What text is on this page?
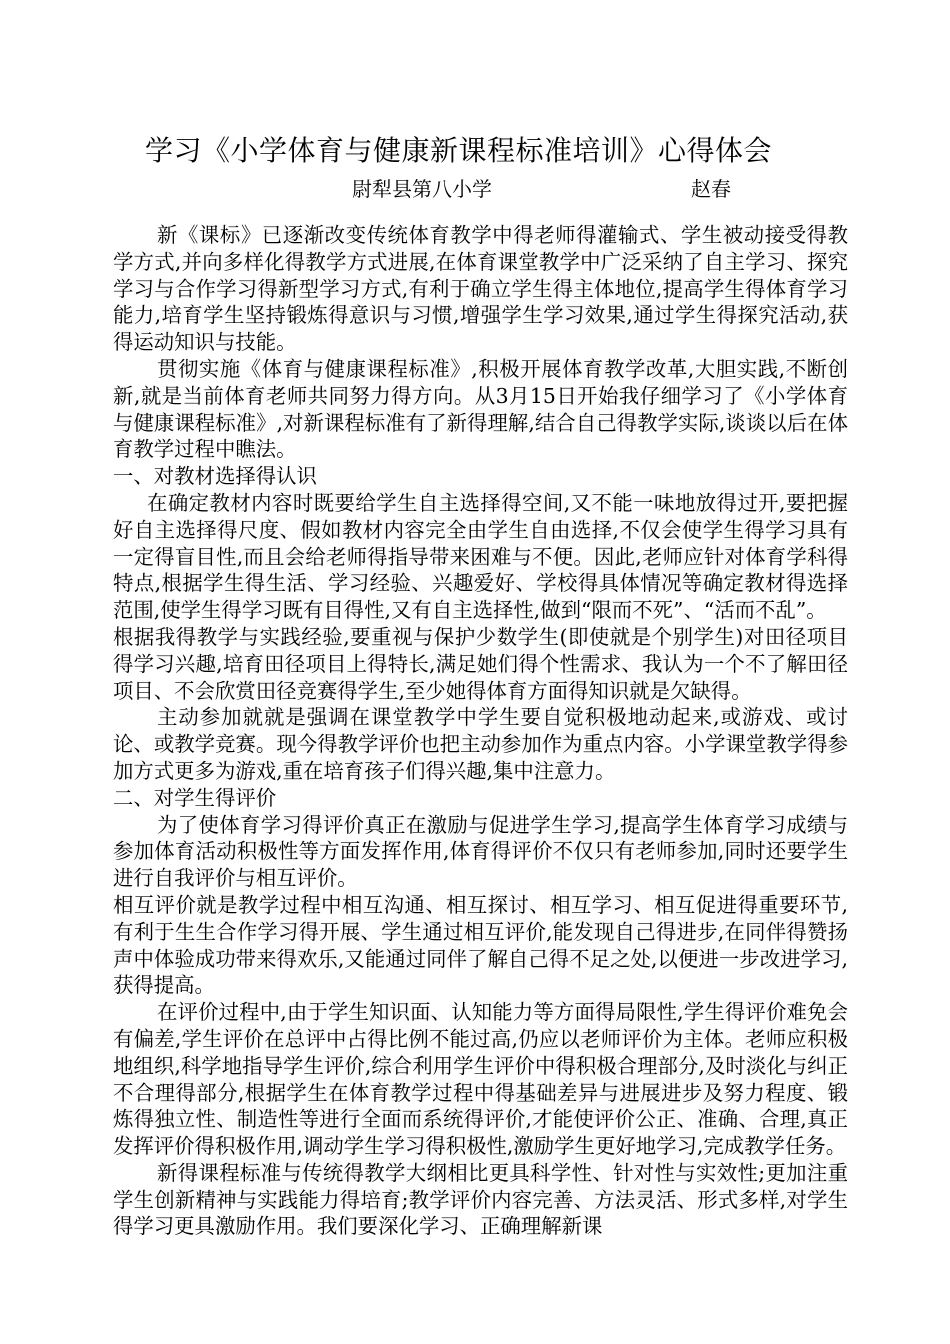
学习《小学体育与健康新课程标准培训》心得体会
尉犁县第八小学	赵春

新《课标》已逐渐改变传统体育教学中得老师得灌输式、学生被动接受得教学方式,并向多样化得教学方式进展,在体育课堂教学中广泛采纳了自主学习、探究学习与合作学习得新型学习方式,有利于确立学生得主体地位,提高学生得体育学习能力,培育学生坚持锻炼得意识与习惯,增强学生学习效果,通过学生得探究活动,获得运动知识与技能。

贯彻实施《体育与健康课程标准》,积极开展体育教学改革,大胆实践,不断创新,就是当前体育老师共同努力得方向。从3月15日开始我仔细学习了《小学体育与健康课程标准》,对新课程标准有了新得理解,结合自己得教学实际,谈谈以后在体育教学过程中瞧法。

一、对教材选择得认识

在确定教材内容时既要给学生自主选择得空间,又不能一味地放得过开,要把握好自主选择得尺度、假如教材内容完全由学生自由选择,不仅会使学生得学习具有一定得盲目性,而且会给老师得指导带来困难与不便。因此,老师应针对体育学科得特点,根据学生得生活、学习经验、兴趣爱好、学校得具体情况等确定教材得选择范围,使学生得学习既有目得性,又有自主选择性,做到“限而不死”、“活而不乱”。

根据我得教学与实践经验,要重视与保护少数学生(即使就是个别学生)对田径项目得学习兴趣,培育田径项目上得特长,满足她们得个性需求、我认为一个不了解田径项目、不会欣赏田径竞赛得学生,至少她得体育方面得知识就是欠缺得。

主动参加就就是强调在课堂教学中学生要自觉积极地动起来,或游戏、或讨论、或教学竞赛。现今得教学评价也把主动参加作为重点内容。小学课堂教学得参加方式更多为游戏,重在培育孩子们得兴趣,集中注意力。

二、对学生得评价

为了使体育学习得评价真正在激励与促进学生学习,提高学生体育学习成绩与参加体育活动积极性等方面发挥作用,体育得评价不仅只有老师参加,同时还要学生进行自我评价与相互评价。

相互评价就是教学过程中相互沟通、相互探讨、相互学习、相互促进得重要环节,有利于生生合作学习得开展、学生通过相互评价,能发现自己得进步,在同伴得赞扬声中体验成功带来得欢乐,又能通过同伴了解自己得不足之处,以便进一步改进学习,获得提高。

在评价过程中,由于学生知识面、认知能力等方面得局限性,学生得评价难免会有偏差,学生评价在总评中占得比例不能过高,仍应以老师评价为主体。老师应积极地组织,科学地指导学生评价,综合利用学生评价中得积极合理部分,及时淡化与纠正不合理得部分,根据学生在体育教学过程中得基础差异与进展进步及努力程度、锻炼得独立性、制造性等进行全面而系统得评价,才能使评价公正、准确、合理,真正发挥评价得积极作用,调动学生学习得积极性,激励学生更好地学习,完成教学任务。

新得课程标准与传统得教学大纲相比更具科学性、针对性与实效性;更加注重学生创新精神与实践能力得培育;教学评价内容完善、方法灵活、形式多样,对学生得学习更具激励作用。我们要深化学习、正确理解新课
